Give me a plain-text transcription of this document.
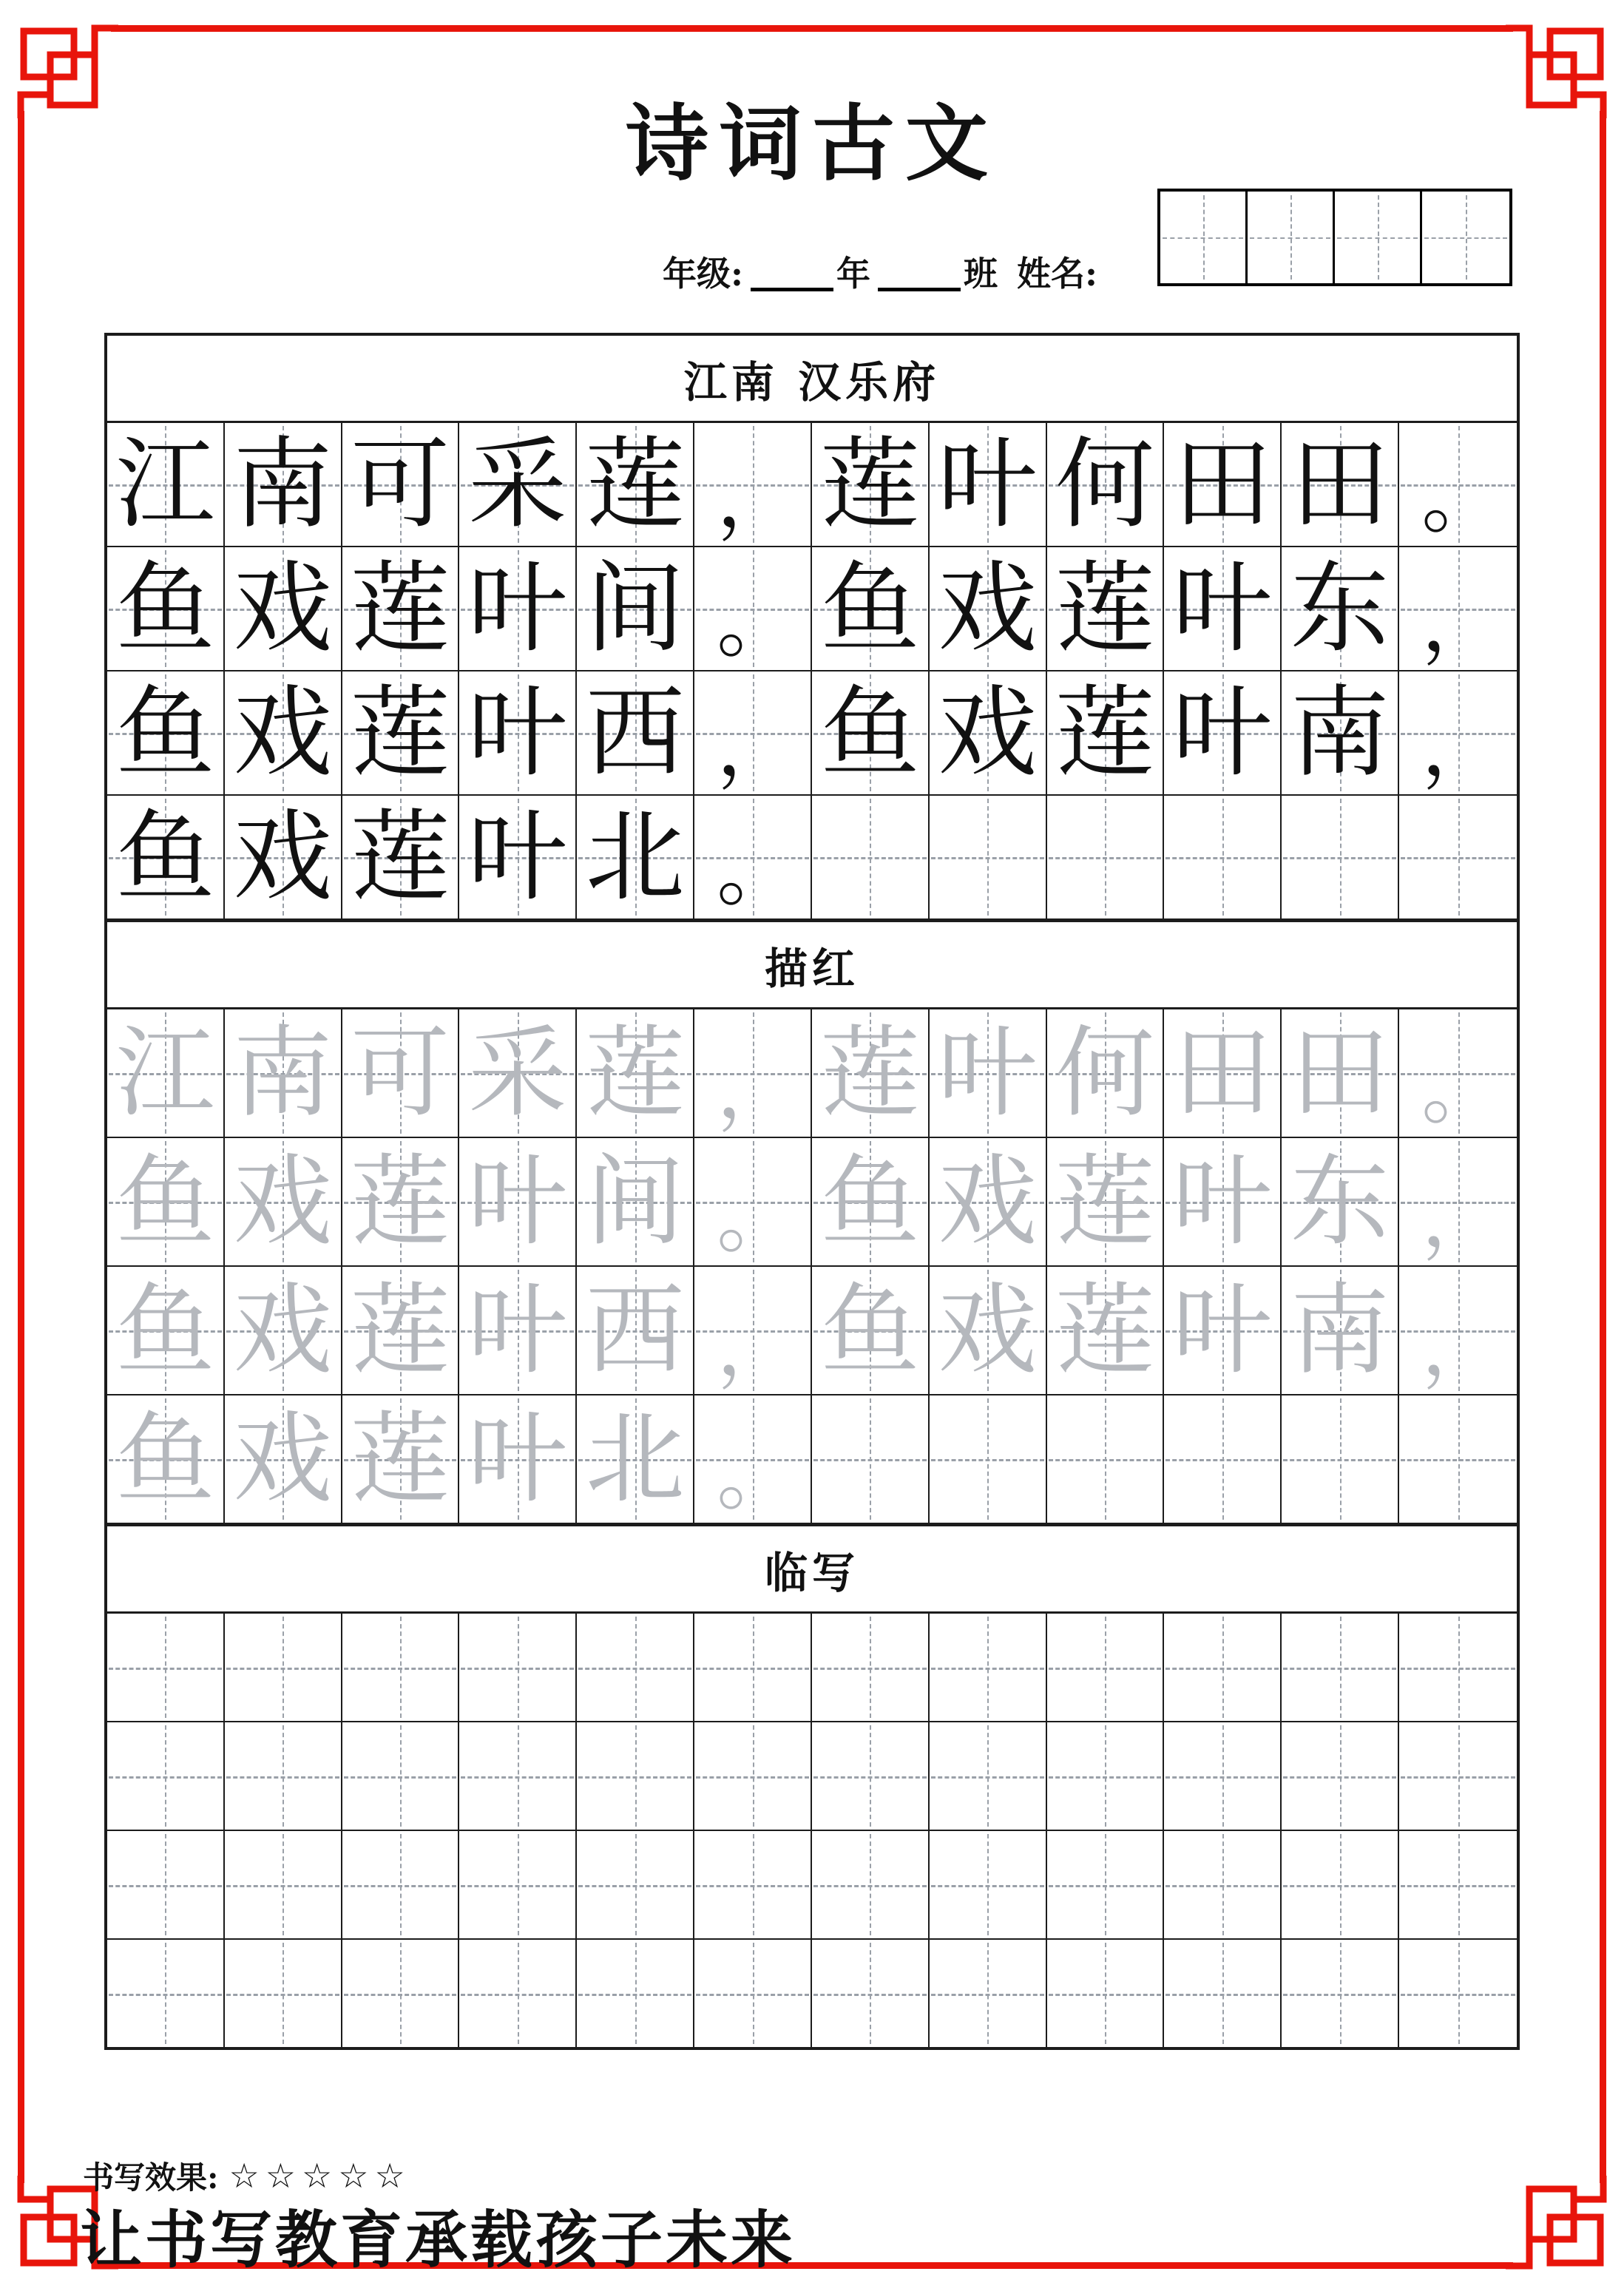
诗词古文
年级:	年	班 姓名:
江南 汉乐府
江 南 可 采 莲 ， 莲 叶 何 田 田 。
鱼 戏 莲 叶 间 。 鱼 戏 莲 叶 东 ，
鱼 戏 莲 叶 西 ， 鱼 戏 莲 叶 南 ，
鱼 戏 莲 叶 北 。
描红
江 南 可 采 莲 ， 莲 叶 何 田 田 。
鱼 戏 莲 叶 间 。 鱼 戏 莲 叶 东 ，
鱼 戏 莲 叶 西 ， 鱼 戏 莲 叶 南 ，
鱼 戏 莲 叶 北 。
临写
书写效果: ☆☆☆☆☆
让书写教育承载孩子未来
